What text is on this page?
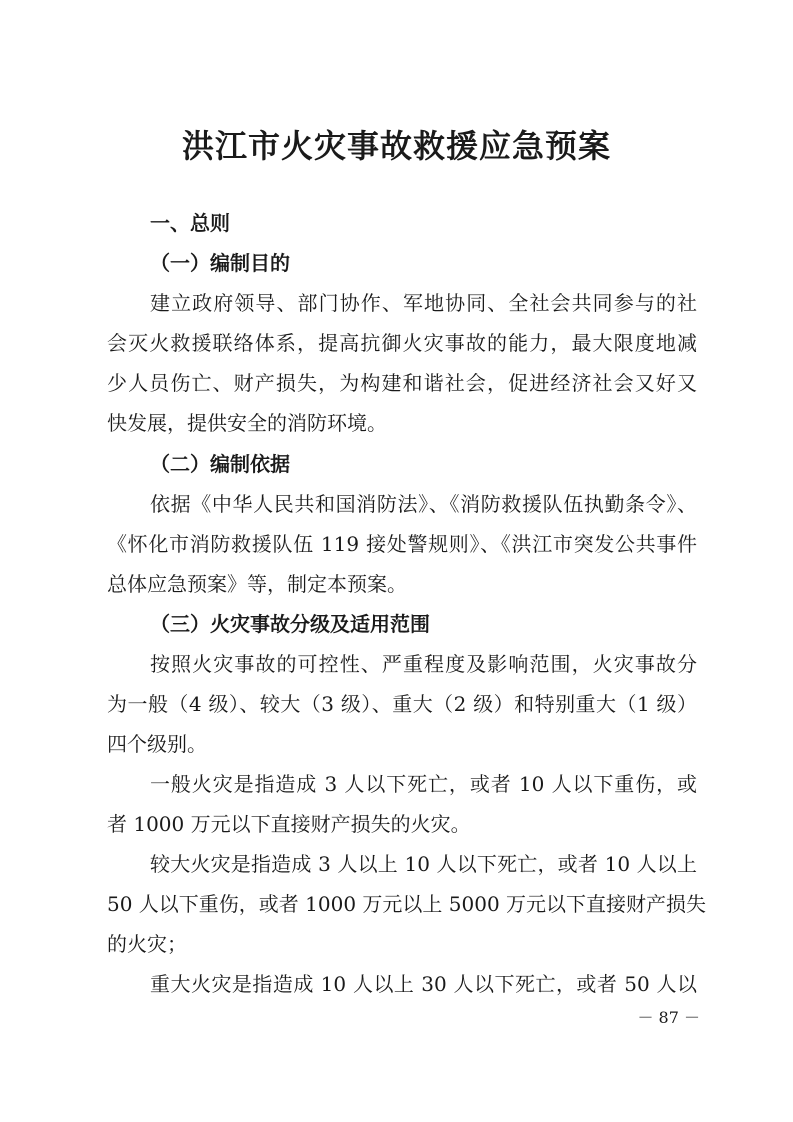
洪江市火灾事故救援应急预案
一、总则
（一）编制目的
建立政府领导、部门协作、军地协同、全社会共同参与的社
会灭火救援联络体系，提高抗御火灾事故的能力，最大限度地减
少人员伤亡、财产损失，为构建和谐社会，促进经济社会又好又
快发展，提供安全的消防环境。
（二）编制依据
依据《中华人民共和国消防法》、《消防救援队伍执勤条令》、
《怀化市消防救援队伍 119 接处警规则》、《洪江市突发公共事件
总体应急预案》等，制定本预案。
（三）火灾事故分级及适用范围
按照火灾事故的可控性、严重程度及影响范围，火灾事故分
为一般（4 级）、较大（3 级）、重大（2 级）和特别重大（1 级）
四个级别。
一般火灾是指造成 3 人以下死亡，或者 10 人以下重伤，或
者 1000 万元以下直接财产损失的火灾。
较大火灾是指造成 3 人以上 10 人以下死亡，或者 10 人以上
50 人以下重伤，或者 1000 万元以上 5000 万元以下直接财产损失
的火灾；
重大火灾是指造成 10 人以上 30 人以下死亡，或者 50 人以
－ 87 －
